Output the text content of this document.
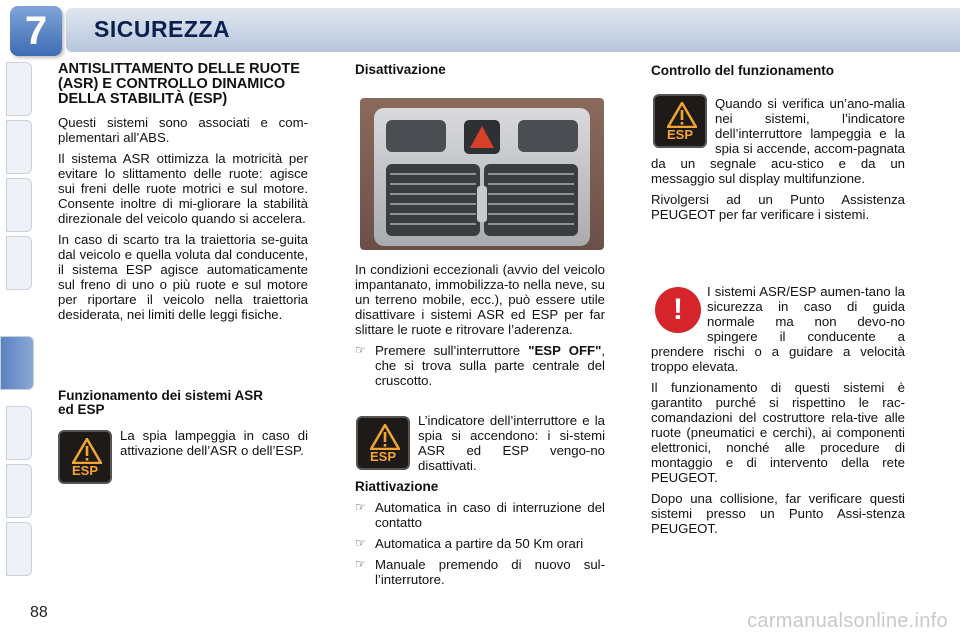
7	SICUREZZA
ANTISLITTAMENTO DELLE RUOTE (ASR) E CONTROLLO DINAMICO DELLA STABILITÀ (ESP)

Questi sistemi sono associati e com-plementari all’ABS.

Il sistema ASR ottimizza la motricità per evitare lo slittamento delle ruote: agisce sui freni delle ruote motrici e sul motore. Consente inoltre di mi-gliorare la stabilità direzionale del veicolo quando si accelera.

In caso di scarto tra la traiettoria se-guita dal veicolo e quella voluta dal conducente, il sistema ESP agisce automaticamente sul freno di uno o più ruote e sul motore per riportare il veicolo nella traiettoria desiderata, nei limiti delle leggi fisiche.

Funzionamento dei sistemi ASR ed ESP
ESP

La spia lampeggia in caso di attivazione dell’ASR o dell’ESP.

Disattivazione

In condizioni eccezionali (avvio del veicolo impantanato, immobilizza-to nella neve, su un terreno mobile, ecc.), può essere utile disattivare i sistemi ASR ed ESP per far slittare le ruote e ritrovare l’aderenza.

☞ Premere sull’interruttore "ESP OFF", che si trova sulla parte centrale del cruscotto.
ESP

L’indicatore dell’interruttore e la spia si accendono: i si-stemi ASR ed ESP vengo-no disattivati.

Riattivazione
☞ Automatica in caso di interruzione del contatto
☞ Automatica a partire da 50 Km orari
☞ Manuale premendo di nuovo sul-l’interrutore.
Controllo del funzionamento
ESP

Quando si verifica un’ano-malia nei sistemi, l’indicatore dell’interruttore lampeggia e la spia si accende, accom-pagnata da un segnale acu-stico e da un messaggio sul display multifunzione.

Rivolgersi ad un Punto Assistenza PEUGEOT per far verificare i sistemi.

!

I sistemi ASR/ESP aumen-tano la sicurezza in caso di guida normale ma non devo-no spingere il conducente a prendere rischi o a guidare a velocità troppo elevata.

Il funzionamento di questi sistemi è garantito purché si rispettino le rac-comandazioni del costruttore rela-tive alle ruote (pneumatici e cerchi), ai componenti elettronici, nonché alle procedure di montaggio e di intervento della rete PEUGEOT.

Dopo una collisione, far verificare questi sistemi presso un Punto Assi-stenza PEUGEOT.

88	carmanualsonline.info
